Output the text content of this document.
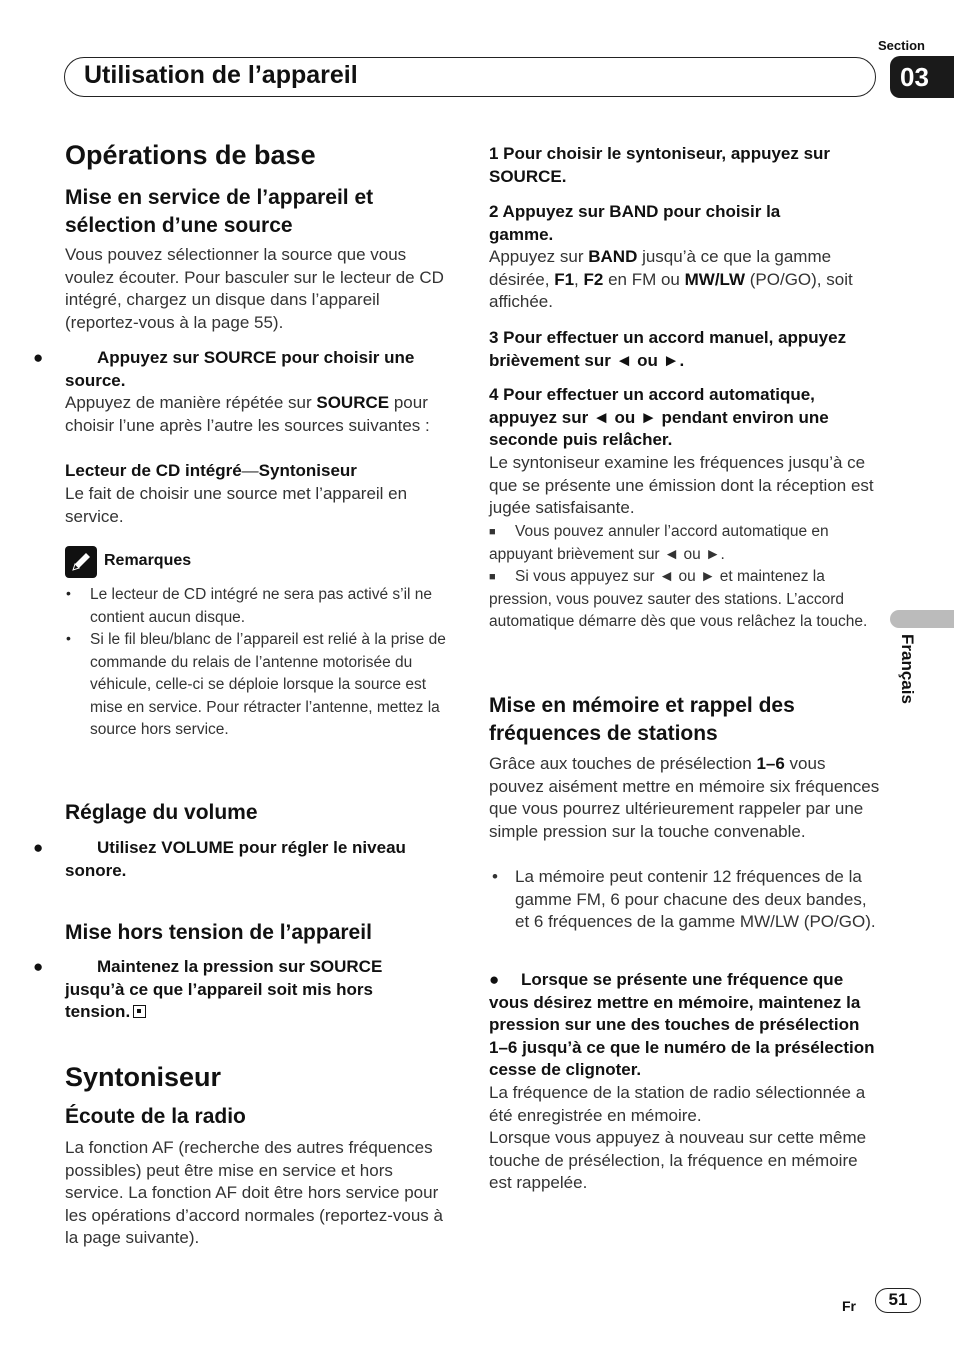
Section
03
Utilisation de l’appareil
Français
Opérations de base
Mise en service de l’appareil et sélection d’une source
Vous pouvez sélectionner la source que vous voulez écouter. Pour basculer sur le lecteur de CD intégré, chargez un disque dans l’appareil (reportez-vous à la page 55).
●	Appuyez sur SOURCE pour choisir une source.
Appuyez de manière répétée sur SOURCE pour choisir l’une après l’autre les sources suivantes :
Lecteur de CD intégré—Syntoniseur
Le fait de choisir une source met l’appareil en service.
Remarques
• Le lecteur de CD intégré ne sera pas activé s’il ne contient aucun disque.
• Si le fil bleu/blanc de l’appareil est relié à la prise de commande du relais de l’antenne motorisée du véhicule, celle-ci se déploie lorsque la source est mise en service. Pour rétracter l’antenne, mettez la source hors service.
Réglage du volume
●	Utilisez VOLUME pour régler le niveau sonore.
Mise hors tension de l’appareil
●	Maintenez la pression sur SOURCE jusqu’à ce que l’appareil soit mis hors tension.
Syntoniseur
Écoute de la radio
La fonction AF (recherche des autres fréquences possibles) peut être mise en service et hors service. La fonction AF doit être hors service pour les opérations d’accord normales (reportez-vous à la page suivante).
1 Pour choisir le syntoniseur, appuyez sur SOURCE.
2 Appuyez sur BAND pour choisir la gamme.
Appuyez sur BAND jusqu’à ce que la gamme désirée, F1, F2 en FM ou MW/LW (PO/GO), soit affichée.
3 Pour effectuer un accord manuel, appuyez brièvement sur ◄ ou ►.
4 Pour effectuer un accord automatique, appuyez sur ◄ ou ► pendant environ une seconde puis relâcher.
Le syntoniseur examine les fréquences jusqu’à ce que se présente une émission dont la réception est jugée satisfaisante.
■ Vous pouvez annuler l’accord automatique en appuyant brièvement sur ◄ ou ►.
■ Si vous appuyez sur ◄ ou ► et maintenez la pression, vous pouvez sauter des stations. L’accord automatique démarre dès que vous relâchez la touche.
Mise en mémoire et rappel des fréquences de stations
Grâce aux touches de présélection 1–6 vous pouvez aisément mettre en mémoire six fréquences que vous pourrez ultérieurement rappeler par une simple pression sur la touche convenable.
• La mémoire peut contenir 12 fréquences de la gamme FM, 6 pour chacune des deux bandes, et 6 fréquences de la gamme MW/LW (PO/GO).
● Lorsque se présente une fréquence que vous désirez mettre en mémoire, maintenez la pression sur une des touches de présélection 1–6 jusqu’à ce que le numéro de la présélection cesse de clignoter.
La fréquence de la station de radio sélectionnée a été enregistrée en mémoire.
Lorsque vous appuyez à nouveau sur cette même touche de présélection, la fréquence en mémoire est rappelée.
Fr	51
